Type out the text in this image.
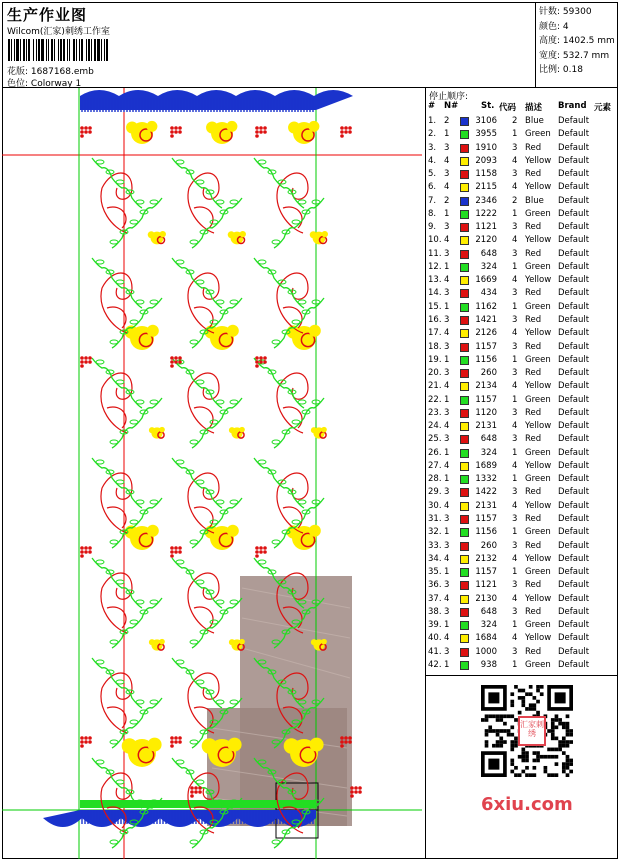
生产作业图
Wilcom(汇家)刺绣工作室
花版: 1687168.emb
色位: Colorway 1
针数: 59300
颜色: 4
高度: 1402.5 mm
宽度: 532.7 mm
比例: 0.18
停止顺序:
# N#	St. 代码 描述 Brand 元素
1. 2	3106 2 Blue Default
2. 1	3955 1 Green Default
3. 3	1910 3 Red Default
4. 4	2093 4 Yellow Default
5. 3	1158 3 Red Default
6. 4	2115 4 Yellow Default
7. 2	2346 2 Blue Default
8. 1	1222 1 Green Default
9. 3	1121 3 Red Default
10. 4	2120 4 Yellow Default
11. 3	648 3 Red Default
12. 1	324 1 Green Default
13. 4	1669 4 Yellow Default
14. 3	434 3 Red Default
15. 1	1162 1 Green Default
16. 3	1421 3 Red Default
17. 4	2126 4 Yellow Default
18. 3	1157 3 Red Default
19. 1	1156 1 Green Default
20. 3	260 3 Red Default
21. 4	2134 4 Yellow Default
22. 1	1157 1 Green Default
23. 3	1120 3 Red Default
24. 4	2131 4 Yellow Default
25. 3	648 3 Red Default
26. 1	324 1 Green Default
27. 4	1689 4 Yellow Default
28. 1	1332 1 Green Default
29. 3	1422 3 Red Default
30. 4	2131 4 Yellow Default
31. 3	1157 3 Red Default
32. 1	1156 1 Green Default
33. 3	260 3 Red Default
34. 4	2132 4 Yellow Default
35. 1	1157 1 Green Default
36. 3	1121 3 Red Default
37. 4	2130 4 Yellow Default
38. 3	648 3 Red Default
39. 1	324 1 Green Default
40. 4	1684 4 Yellow Default
41. 3	1000 3 Red Default
42. 1	938 1 Green Default
汇家刺绣
6xiu.com
